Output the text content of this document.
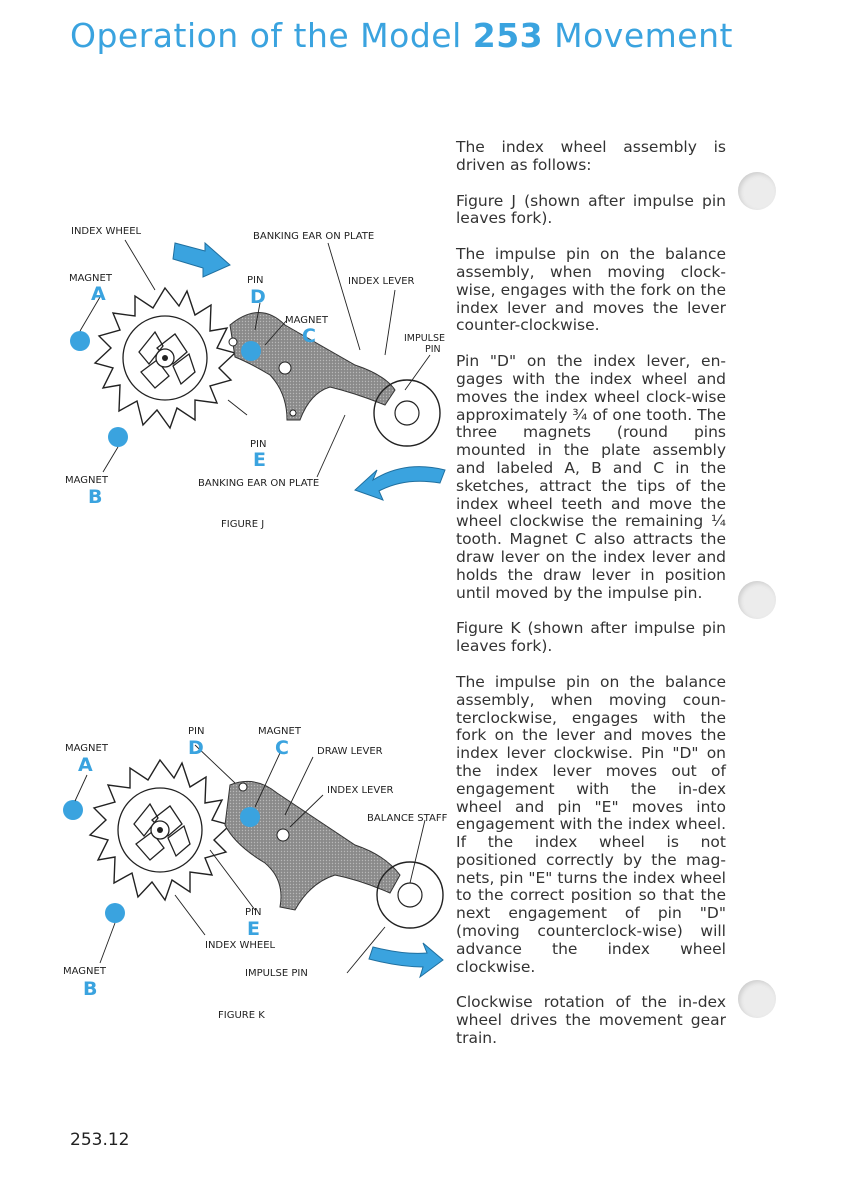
Operation of the Model 253 Movement
INDEX WHEEL	BANKING EAR ON PLATE
MAGNET
A
PIN
D
INDEX LEVER
MAGNET
C	IMPULSE
PIN
PIN
E
MAGNET
B
BANKING EAR ON PLATE
FIGURE J
PIN
D
MAGNET
C
MAGNET
A
DRAW LEVER
INDEX LEVER
BALANCE STAFF
PIN
E
INDEX WHEEL
MAGNET
B
IMPULSE PIN
FIGURE K

The index wheel assembly is driven as follows:

Figure J (shown after impulse pin leaves fork).

The impulse pin on the balance assembly, when moving clock-wise, engages with the fork on the index lever and moves the lever counter-clockwise.

Pin "D" on the index lever, en-gages with the index wheel and moves the index wheel clock-wise approximately ¾ of one tooth. The three magnets (round pins mounted in the plate assembly and labeled A, B and C in the sketches, attract the tips of the index wheel teeth and move the wheel clockwise the remaining ¼ tooth. Magnet C also attracts the draw lever on the index lever and holds the draw lever in position until moved by the impulse pin.

Figure K (shown after impulse pin leaves fork).

The impulse pin on the balance assembly, when moving coun-terclockwise, engages with the fork on the lever and moves the index lever clockwise. Pin "D" on the index lever moves out of engagement with the in-dex wheel and pin "E" moves into engagement with the index wheel. If the index wheel is not positioned correctly by the mag-nets, pin "E" turns the index wheel to the correct position so that the next engagement of pin "D" (moving counterclock-wise) will advance the index wheel clockwise.

Clockwise rotation of the in-dex wheel drives the movement gear train.

253.12
